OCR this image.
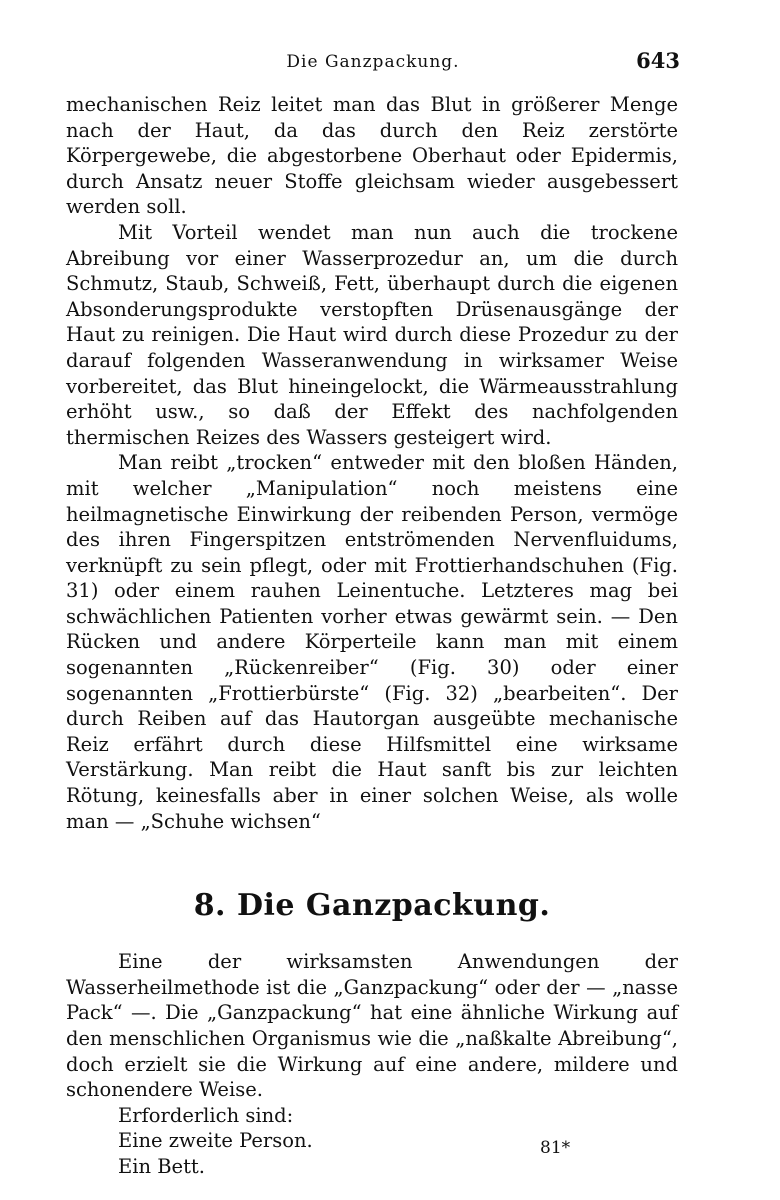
Die Ganzpackung.	643

mechanischen Reiz leitet man das Blut in größerer Menge nach der Haut, da das durch den Reiz zerstörte Körpergewebe, die abgestorbene Oberhaut oder Epidermis, durch Ansatz neuer Stoffe gleichsam wieder ausgebessert werden soll.

Mit Vorteil wendet man nun auch die trockene Abreibung vor einer Wasserprozedur an, um die durch Schmutz, Staub, Schweiß, Fett, überhaupt durch die eigenen Absonderungsprodukte verstopften Drüsenausgänge der Haut zu reinigen. Die Haut wird durch diese Prozedur zu der darauf folgenden Wasseranwendung in wirksamer Weise vorbereitet, das Blut hineingelockt, die Wärmeausstrahlung erhöht usw., so daß der Effekt des nachfolgenden thermischen Reizes des Wassers gesteigert wird.

Man reibt „trocken“ entweder mit den bloßen Händen, mit welcher „Manipulation“ noch meistens eine heilmagnetische Einwirkung der reibenden Person, vermöge des ihren Fingerspitzen entströmenden Nervenfluidums, verknüpft zu sein pflegt, oder mit Frottierhandschuhen (Fig. 31) oder einem rauhen Leinentuche. Letzteres mag bei schwächlichen Patienten vorher etwas gewärmt sein. — Den Rücken und andere Körperteile kann man mit einem sogenannten „Rückenreiber“ (Fig. 30) oder einer sogenannten „Frottierbürste“ (Fig. 32) „bearbeiten“. Der durch Reiben auf das Hautorgan ausgeübte mechanische Reiz erfährt durch diese Hilfsmittel eine wirksame Verstärkung. Man reibt die Haut sanft bis zur leichten Rötung, keinesfalls aber in einer solchen Weise, als wolle man — „Schuhe wichsen“

8. Die Ganzpackung.

Eine der wirksamsten Anwendungen der Wasserheilmethode ist die „Ganzpackung“ oder der — „nasse Pack“ —. Die „Ganzpackung“ hat eine ähnliche Wirkung auf den menschlichen Organismus wie die „naßkalte Abreibung“, doch erzielt sie die Wirkung auf eine andere, mildere und schonendere Weise.

Erforderlich sind:
Eine zweite Person.
Ein Bett.
81*
